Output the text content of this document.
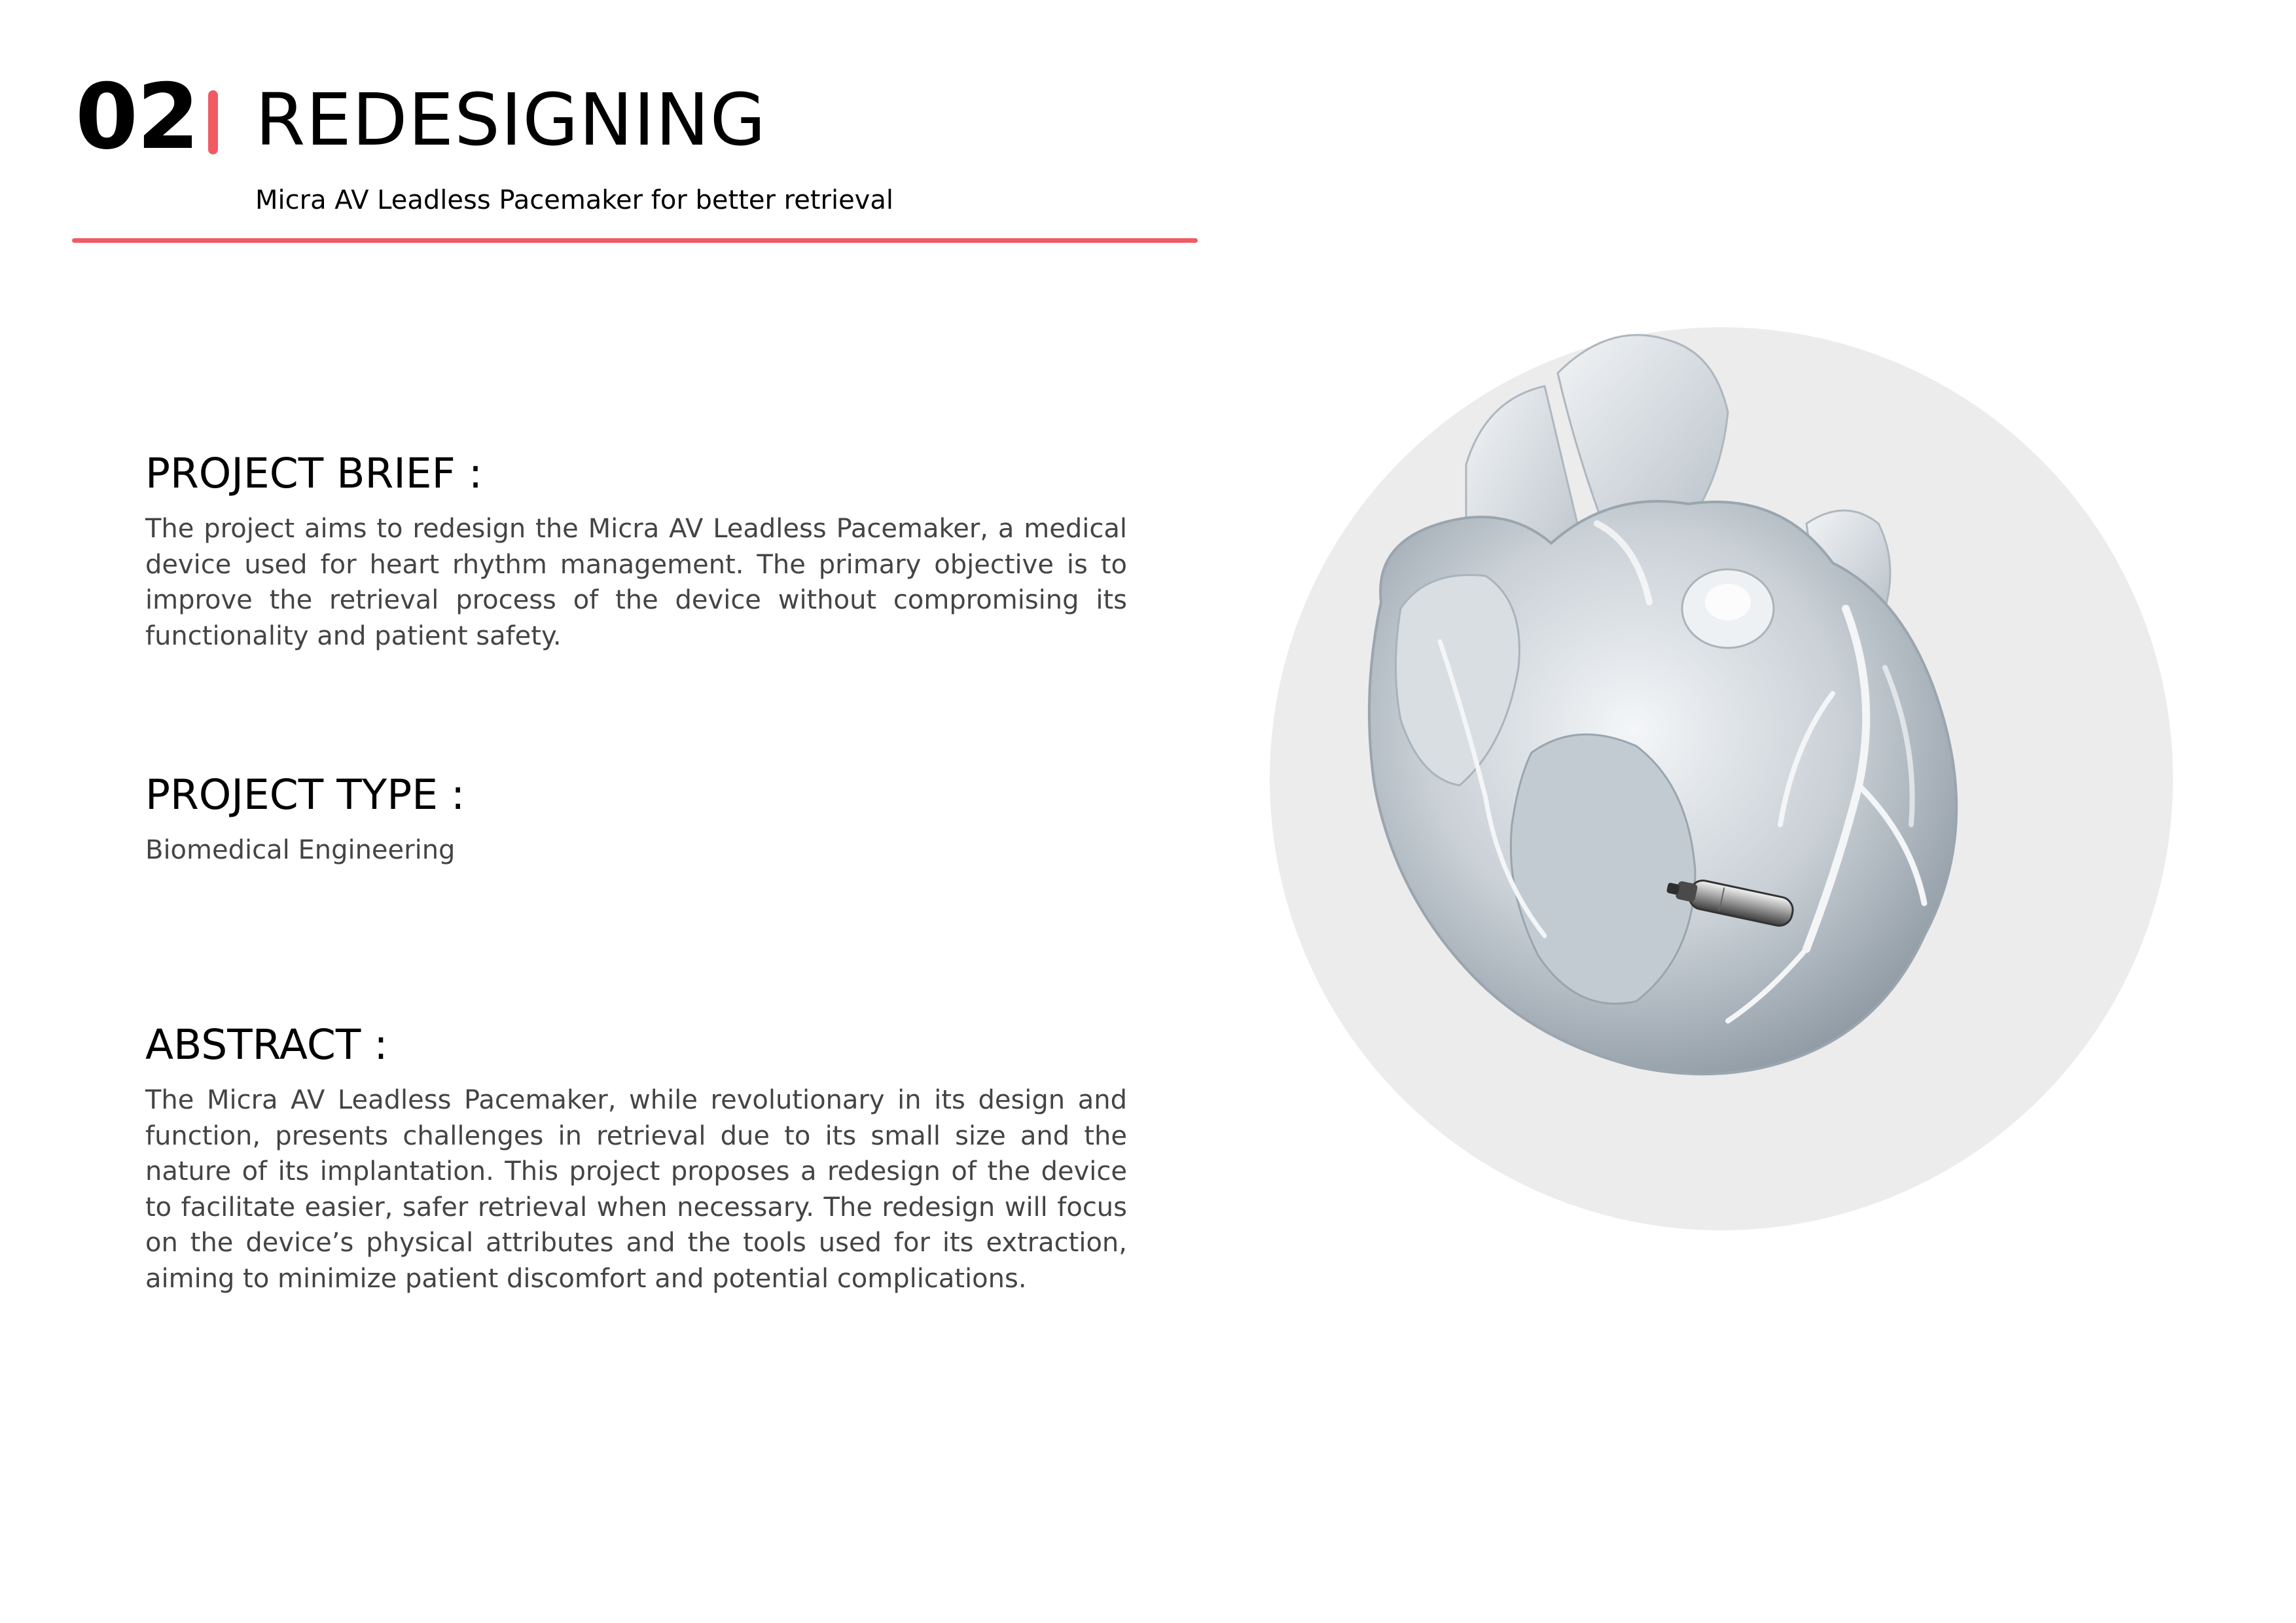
02 REDESIGNING
Micra AV Leadless Pacemaker for better retrieval
PROJECT BRIEF :

The project aims to redesign the Micra AV Leadless Pacemaker, a medical device used for heart rhythm management. The primary objective is to improve the retrieval process of the device without compromising its functionality and patient safety.

PROJECT TYPE :

Biomedical Engineering

ABSTRACT :

The Micra AV Leadless Pacemaker, while revolutionary in its design and function, presents challenges in retrieval due to its small size and the nature of its implantation. This project proposes a redesign of the device to facilitate easier, safer retrieval when necessary. The redesign will focus on the device’s physical attributes and the tools used for its extraction, aiming to minimize patient discomfort and potential complications.
